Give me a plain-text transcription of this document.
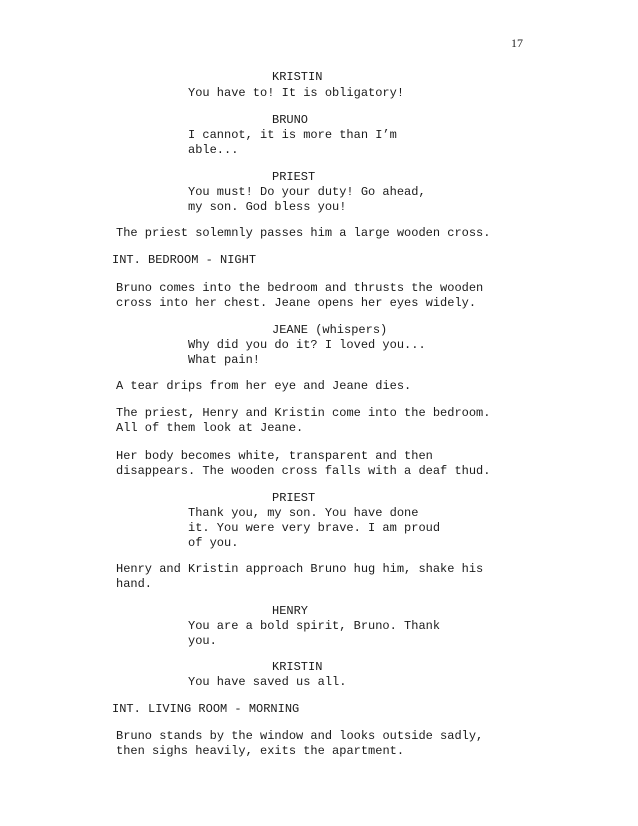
17
KRISTIN
You have to! It is obligatory!
BRUNO
I cannot, it is more than I’m
able...
PRIEST
You must! Do your duty! Go ahead,
my son. God bless you!
The priest solemnly passes him a large wooden cross.
INT. BEDROOM - NIGHT
Bruno comes into the bedroom and thrusts the wooden
cross into her chest. Jeane opens her eyes widely.
JEANE (whispers)
Why did you do it? I loved you...
What pain!
A tear drips from her eye and Jeane dies.
The priest, Henry and Kristin come into the bedroom.
All of them look at Jeane.
Her body becomes white, transparent and then
disappears. The wooden cross falls with a deaf thud.
PRIEST
Thank you, my son. You have done
it. You were very brave. I am proud
of you.
Henry and Kristin approach Bruno hug him, shake his
hand.
HENRY
You are a bold spirit, Bruno. Thank
you.
KRISTIN
You have saved us all.
INT. LIVING ROOM - MORNING
Bruno stands by the window and looks outside sadly,
then sighs heavily, exits the apartment.
